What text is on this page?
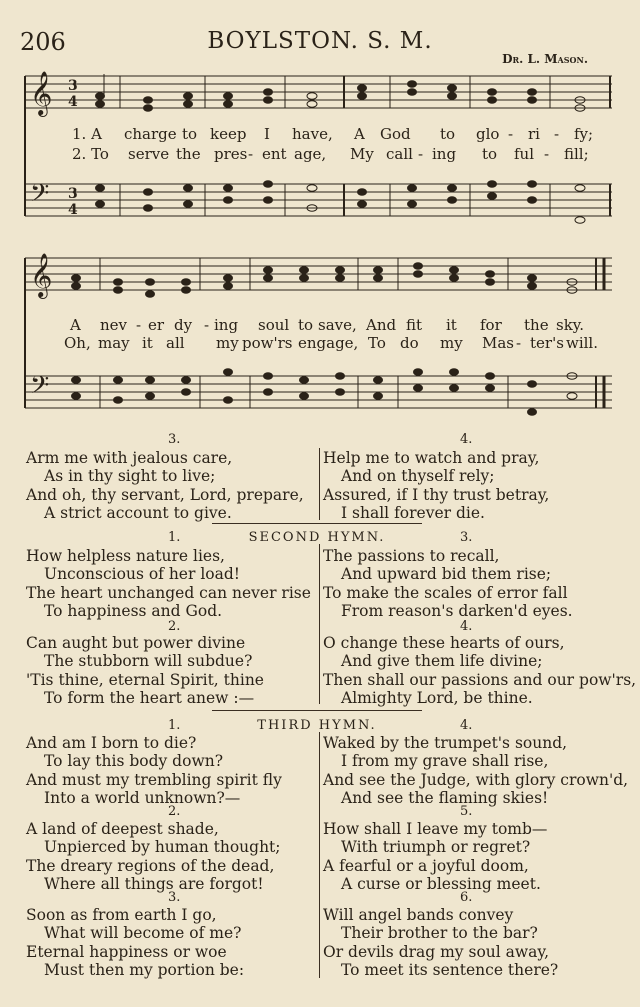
206	BOYLSTON. S. M.
Dr. L. Mason.
𝄞
𝄢
3
4
3
4
1. A charge to keep I have, A God to glo - ri - fy;
2. To serve the pres - ent age, My call - ing to ful - fill;
𝄞
𝄢
A nev - er dy - ing soul to save, And fit it for the sky.
Oh, may it all my pow'rs engage, To do my Mas - ter's will.
3.	4.
Arm me with jealous care,
As in thy sight to live;
And oh, thy servant, Lord, prepare,
A strict account to give.
Help me to watch and pray,
And on thyself rely;
Assured, if I thy trust betray,
I shall forever die.
1.	SECOND HYMN.	3.
How helpless nature lies,
Unconscious of her load!
The heart unchanged can never rise
To happiness and God.
2.
Can aught but power divine
The stubborn will subdue?
'Tis thine, eternal Spirit, thine
To form the heart anew :—
The passions to recall,
And upward bid them rise;
To make the scales of error fall
From reason's darken'd eyes.
4.
O change these hearts of ours,
And give them life divine;
Then shall our passions and our pow'rs,
Almighty Lord, be thine.
1.	THIRD HYMN.	4.
And am I born to die?
To lay this body down?
And must my trembling spirit fly
Into a world unknown?—
2.
A land of deepest shade,
Unpierced by human thought;
The dreary regions of the dead,
Where all things are forgot!
3.
Soon as from earth I go,
What will become of me?
Eternal happiness or woe
Must then my portion be:
Waked by the trumpet's sound,
I from my grave shall rise,
And see the Judge, with glory crown'd,
And see the flaming skies!
5.
How shall I leave my tomb—
With triumph or regret?
A fearful or a joyful doom,
A curse or blessing meet.
6.
Will angel bands convey
Their brother to the bar?
Or devils drag my soul away,
To meet its sentence there?
